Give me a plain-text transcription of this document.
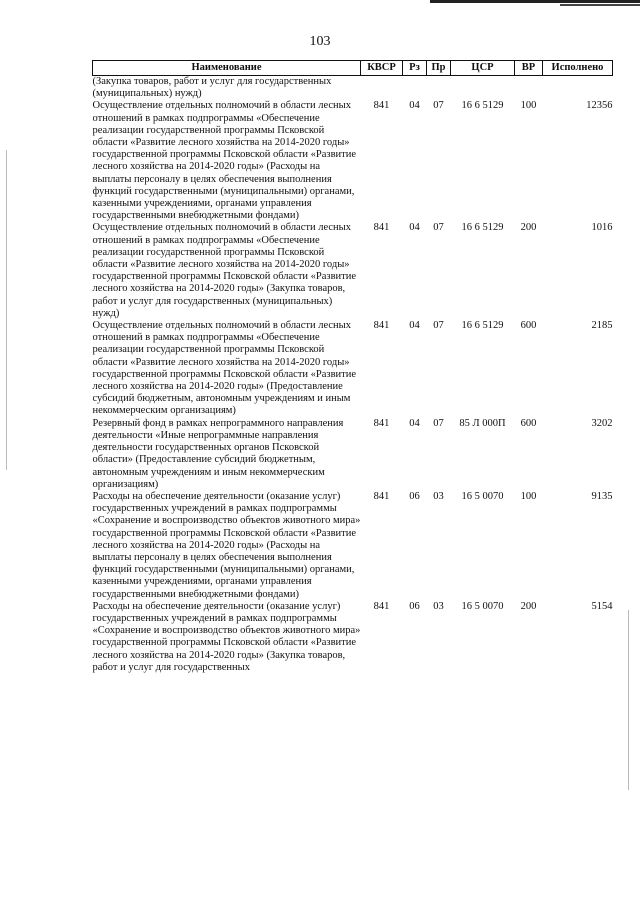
103
Наименование	КВСР	Рз	Пр	ЦСР	ВР	Исполнено
(Закупка товаров, работ и услуг для государственных (муниципальных) нужд)						
Осуществление отдельных полномочий в области лесных отношений в рамках подпрограммы «Обеспечение реализации государственной программы Псковской области «Развитие лесного хозяйства на 2014-2020 годы» государственной программы Псковской области «Развитие лесного хозяйства на 2014-2020 годы» (Расходы на выплаты персоналу в целях обеспечения выполнения функций государственными (муниципальными) органами, казенными учреждениями, органами управления государственными внебюджетными фондами)	841	04	07	16 6 5129	100	12356
Осуществление отдельных полномочий в области лесных отношений в рамках подпрограммы «Обеспечение реализации государственной программы Псковской области «Развитие лесного хозяйства на 2014-2020 годы» государственной программы Псковской области «Развитие лесного хозяйства на 2014-2020 годы» (Закупка товаров, работ и услуг для государственных (муниципальных) нужд)	841	04	07	16 6 5129	200	1016
Осуществление отдельных полномочий в области лесных отношений в рамках подпрограммы «Обеспечение реализации государственной программы Псковской области «Развитие лесного хозяйства на 2014-2020 годы» государственной программы Псковской области «Развитие лесного хозяйства на 2014-2020 годы» (Предоставление субсидий бюджетным, автономным учреждениям и иным некоммерческим организациям)	841	04	07	16 6 5129	600	2185
Резервный фонд в рамках непрограммного направления деятельности «Иные непрограммные направления деятельности государственных органов Псковской области» (Предоставление субсидий бюджетным, автономным учреждениям и иным некоммерческим организациям)	841	04	07	85 Л 000П	600	3202
Расходы на обеспечение деятельности (оказание услуг) государственных учреждений в рамках подпрограммы «Сохранение и воспроизводство объектов животного мира» государственной программы Псковской области «Развитие лесного хозяйства на 2014-2020 годы» (Расходы на выплаты персоналу в целях обеспечения выполнения функций государственными (муниципальными) органами, казенными учреждениями, органами управления государственными внебюджетными фондами)	841	06	03	16 5 0070	100	9135
Расходы на обеспечение деятельности (оказание услуг) государственных учреждений в рамках подпрограммы «Сохранение и воспроизводство объектов животного мира» государственной программы Псковской области «Развитие лесного хозяйства на 2014-2020 годы» (Закупка товаров, работ и услуг для государственных	841	06	03	16 5 0070	200	5154
